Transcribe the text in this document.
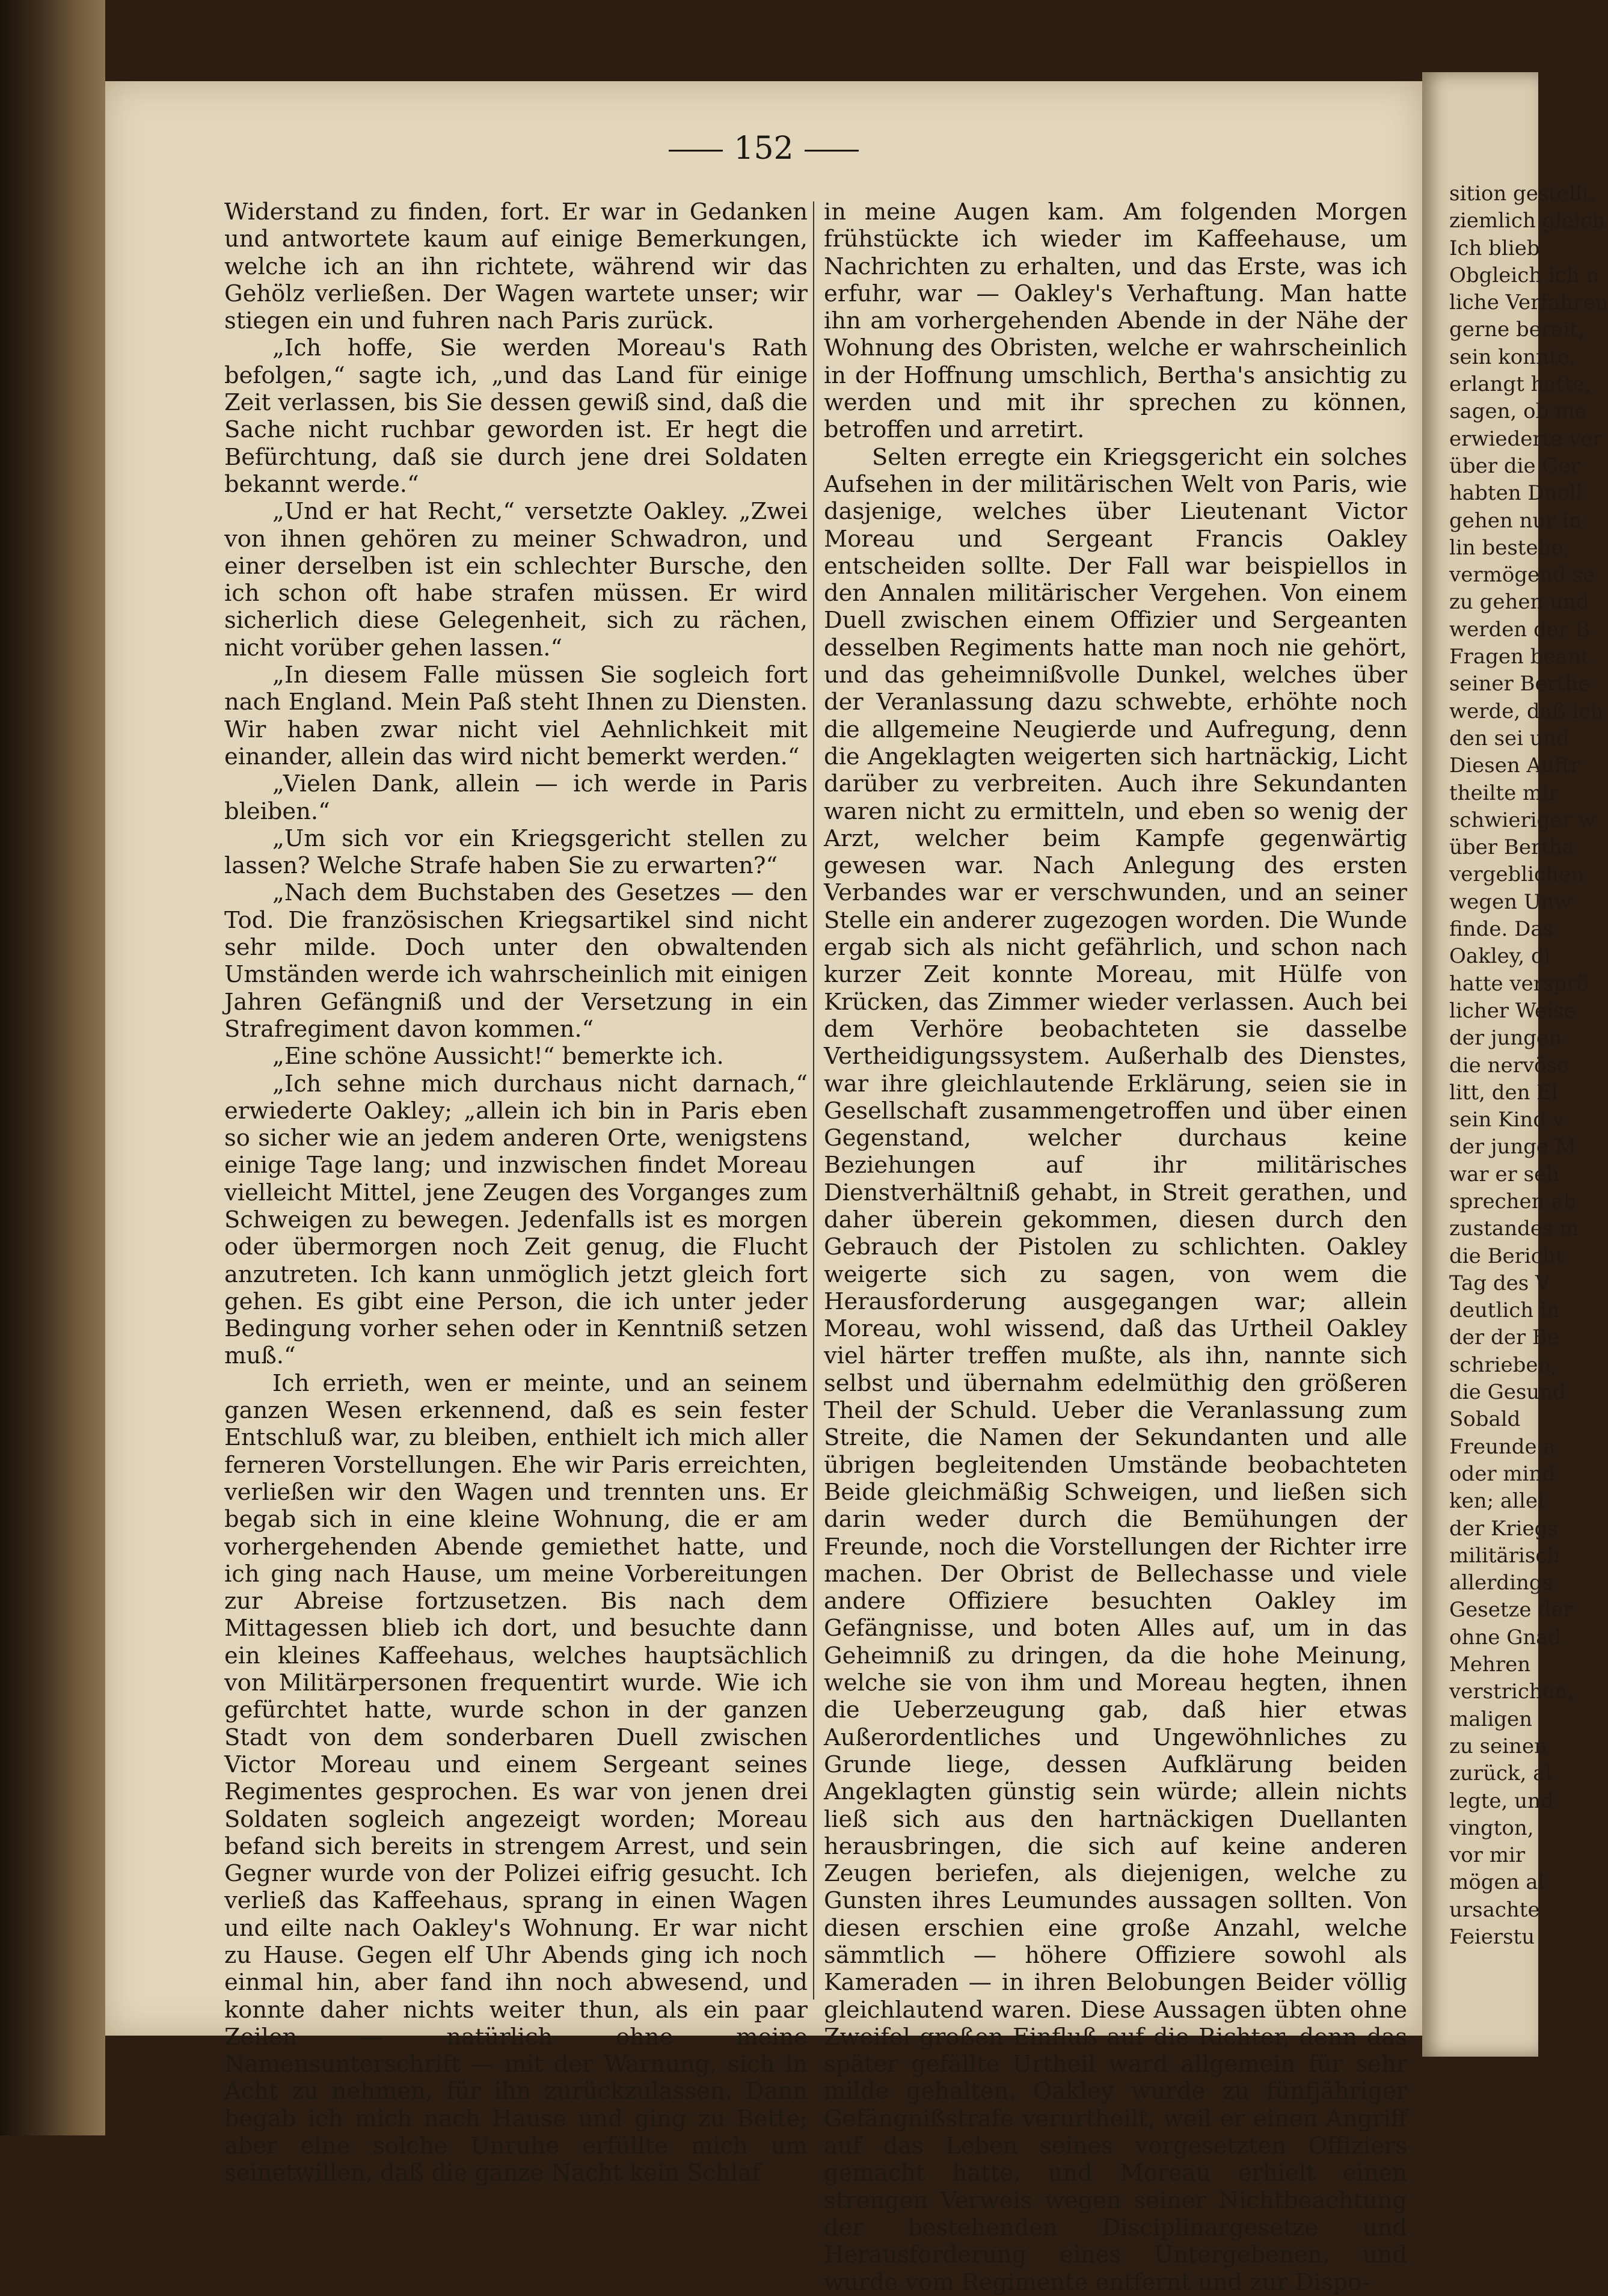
152

Widerstand zu finden, fort. Er war in Gedanken und antwortete kaum auf einige Bemerkungen, welche ich an ihn richtete, während wir das Gehölz verließen. Der Wagen wartete unser; wir stiegen ein und fuhren nach Paris zurück.

„Ich hoffe, Sie werden Moreau's Rath befolgen,“ sagte ich, „und das Land für einige Zeit verlassen, bis Sie dessen gewiß sind, daß die Sache nicht ruchbar geworden ist. Er hegt die Befürchtung, daß sie durch jene drei Soldaten bekannt werde.“

„Und er hat Recht,“ versetzte Oakley. „Zwei von ihnen gehören zu meiner Schwadron, und einer derselben ist ein schlechter Bursche, den ich schon oft habe strafen müssen. Er wird sicherlich diese Gelegenheit, sich zu rächen, nicht vorüber gehen lassen.“

„In diesem Falle müssen Sie sogleich fort nach England. Mein Paß steht Ihnen zu Diensten. Wir haben zwar nicht viel Aehnlichkeit mit einander, allein das wird nicht bemerkt werden.“

„Vielen Dank, allein — ich werde in Paris bleiben.“

„Um sich vor ein Kriegsgericht stellen zu lassen? Welche Strafe haben Sie zu erwarten?“

„Nach dem Buchstaben des Gesetzes — den Tod. Die französischen Kriegsartikel sind nicht sehr milde. Doch unter den obwaltenden Umständen werde ich wahrscheinlich mit einigen Jahren Gefängniß und der Versetzung in ein Strafregiment davon kommen.“

„Eine schöne Aussicht!“ bemerkte ich.

„Ich sehne mich durchaus nicht darnach,“ erwiederte Oakley; „allein ich bin in Paris eben so sicher wie an jedem anderen Orte, wenigstens einige Tage lang; und inzwischen findet Moreau vielleicht Mittel, jene Zeugen des Vorganges zum Schweigen zu bewegen. Jedenfalls ist es morgen oder übermorgen noch Zeit genug, die Flucht anzutreten. Ich kann unmöglich jetzt gleich fort gehen. Es gibt eine Person, die ich unter jeder Bedingung vorher sehen oder in Kenntniß setzen muß.“

Ich errieth, wen er meinte, und an seinem ganzen Wesen erkennend, daß es sein fester Entschluß war, zu bleiben, enthielt ich mich aller ferneren Vorstellungen. Ehe wir Paris erreichten, verließen wir den Wagen und trennten uns. Er begab sich in eine kleine Wohnung, die er am vorhergehenden Abende gemiethet hatte, und ich ging nach Hause, um meine Vorbereitungen zur Abreise fortzusetzen. Bis nach dem Mittagessen blieb ich dort, und besuchte dann ein kleines Kaffeehaus, welches hauptsächlich von Militärpersonen frequentirt wurde. Wie ich gefürchtet hatte, wurde schon in der ganzen Stadt von dem sonderbaren Duell zwischen Victor Moreau und einem Sergeant seines Regimentes gesprochen. Es war von jenen drei Soldaten sogleich angezeigt worden; Moreau befand sich bereits in strengem Arrest, und sein Gegner wurde von der Polizei eifrig gesucht. Ich verließ das Kaffeehaus, sprang in einen Wagen und eilte nach Oakley's Wohnung. Er war nicht zu Hause. Gegen elf Uhr Abends ging ich noch einmal hin, aber fand ihn noch abwesend, und konnte daher nichts weiter thun, als ein paar Zeilen — natürlich ohne meine Namensunterschrift — mit der Warnung, sich in Acht zu nehmen, für ihn zurückzulassen. Dann begab ich mich nach Hause und ging zu Bette; aber eine solche Unruhe erfüllte mich um seinetwillen, daß die ganze Nacht kein Schlaf

in meine Augen kam. Am folgenden Morgen frühstückte ich wieder im Kaffeehause, um Nachrichten zu erhalten, und das Erste, was ich erfuhr, war — Oakley's Verhaftung. Man hatte ihn am vorhergehenden Abende in der Nähe der Wohnung des Obristen, welche er wahrscheinlich in der Hoffnung umschlich, Bertha's ansichtig zu werden und mit ihr sprechen zu können, betroffen und arretirt.

Selten erregte ein Kriegsgericht ein solches Aufsehen in der militärischen Welt von Paris, wie dasjenige, welches über Lieutenant Victor Moreau und Sergeant Francis Oakley entscheiden sollte. Der Fall war beispiellos in den Annalen militärischer Vergehen. Von einem Duell zwischen einem Offizier und Sergeanten desselben Regiments hatte man noch nie gehört, und das geheimnißvolle Dunkel, welches über der Veranlassung dazu schwebte, erhöhte noch die allgemeine Neugierde und Aufregung, denn die Angeklagten weigerten sich hartnäckig, Licht darüber zu verbreiten. Auch ihre Sekundanten waren nicht zu ermitteln, und eben so wenig der Arzt, welcher beim Kampfe gegenwärtig gewesen war. Nach Anlegung des ersten Verbandes war er verschwunden, und an seiner Stelle ein anderer zugezogen worden. Die Wunde ergab sich als nicht gefährlich, und schon nach kurzer Zeit konnte Moreau, mit Hülfe von Krücken, das Zimmer wieder verlassen. Auch bei dem Verhöre beobachteten sie dasselbe Vertheidigungssystem. Außerhalb des Dienstes, war ihre gleichlautende Erklärung, seien sie in Gesellschaft zusammengetroffen und über einen Gegenstand, welcher durchaus keine Beziehungen auf ihr militärisches Dienstverhältniß gehabt, in Streit gerathen, und daher überein gekommen, diesen durch den Gebrauch der Pistolen zu schlichten. Oakley weigerte sich zu sagen, von wem die Herausforderung ausgegangen war; allein Moreau, wohl wissend, daß das Urtheil Oakley viel härter treffen mußte, als ihn, nannte sich selbst und übernahm edelmüthig den größeren Theil der Schuld. Ueber die Veranlassung zum Streite, die Namen der Sekundanten und alle übrigen begleitenden Umstände beobachteten Beide gleichmäßig Schweigen, und ließen sich darin weder durch die Bemühungen der Freunde, noch die Vorstellungen der Richter irre machen. Der Obrist de Bellechasse und viele andere Offiziere besuchten Oakley im Gefängnisse, und boten Alles auf, um in das Geheimniß zu dringen, da die hohe Meinung, welche sie von ihm und Moreau hegten, ihnen die Ueberzeugung gab, daß hier etwas Außerordentliches und Ungewöhnliches zu Grunde liege, dessen Aufklärung beiden Angeklagten günstig sein würde; allein nichts ließ sich aus den hartnäckigen Duellanten herausbringen, die sich auf keine anderen Zeugen beriefen, als diejenigen, welche zu Gunsten ihres Leumundes aussagen sollten. Von diesen erschien eine große Anzahl, welche sämmtlich — höhere Offiziere sowohl als Kameraden — in ihren Belobungen Beider völlig gleichlautend waren. Diese Aussagen übten ohne Zweifel großen Einfluß auf die Richter, denn das später gefällte Urtheil ward allgemein für sehr milde gehalten. Oakley wurde zu fünfjähriger Gefängnißstrafe verurtheilt, weil er einen Angriff auf das Leben seines vorgesetzten Offiziers gemacht hatte, und Moreau erhielt einen strengen Verweis wegen seiner Nichtbeachtung der bestehenden Disciplinargesetze und Herausforderung eines Untergebenen, und wurde vom Regimente entfernt und zur Dispo-

sition gestellt,
ziemlich gleich
Ich blieb
Obgleich ich n
liche Verfahren
gerne bereit,
sein konnte.
erlangt hatte,
sagen, ob me
erwiederte ver
über die Ger
habten Duell
gehen nur in
lin bestehe,
vermögend se
zu gehen und
werden der B
Fragen beant
seiner Berthe
werde, daß ich
den sei und
Diesen Auftr
theilte mir
schwieriger w
über Bertha
vergeblichen
wegen Unw
finde. Das
Oakley, di
hatte versprö
licher Weise
der jungen
die nervöse
litt, den El
sein Kind v
der junge M
war er seh
sprechen ab
zustandes m
die Bericht
Tag des V
deutlich in
der der Be
schrieben,
die Gesund
Sobald
Freunde a
oder mind
ken; allei
der Kriegs
militärisch
allerdings
Gesetze der
ohne Gnad
Mehren
verstrichen,
maligen
zu seinen
zurück, al
legte, und
vington,
vor mir
mögen al
ursachte
Feierstu
